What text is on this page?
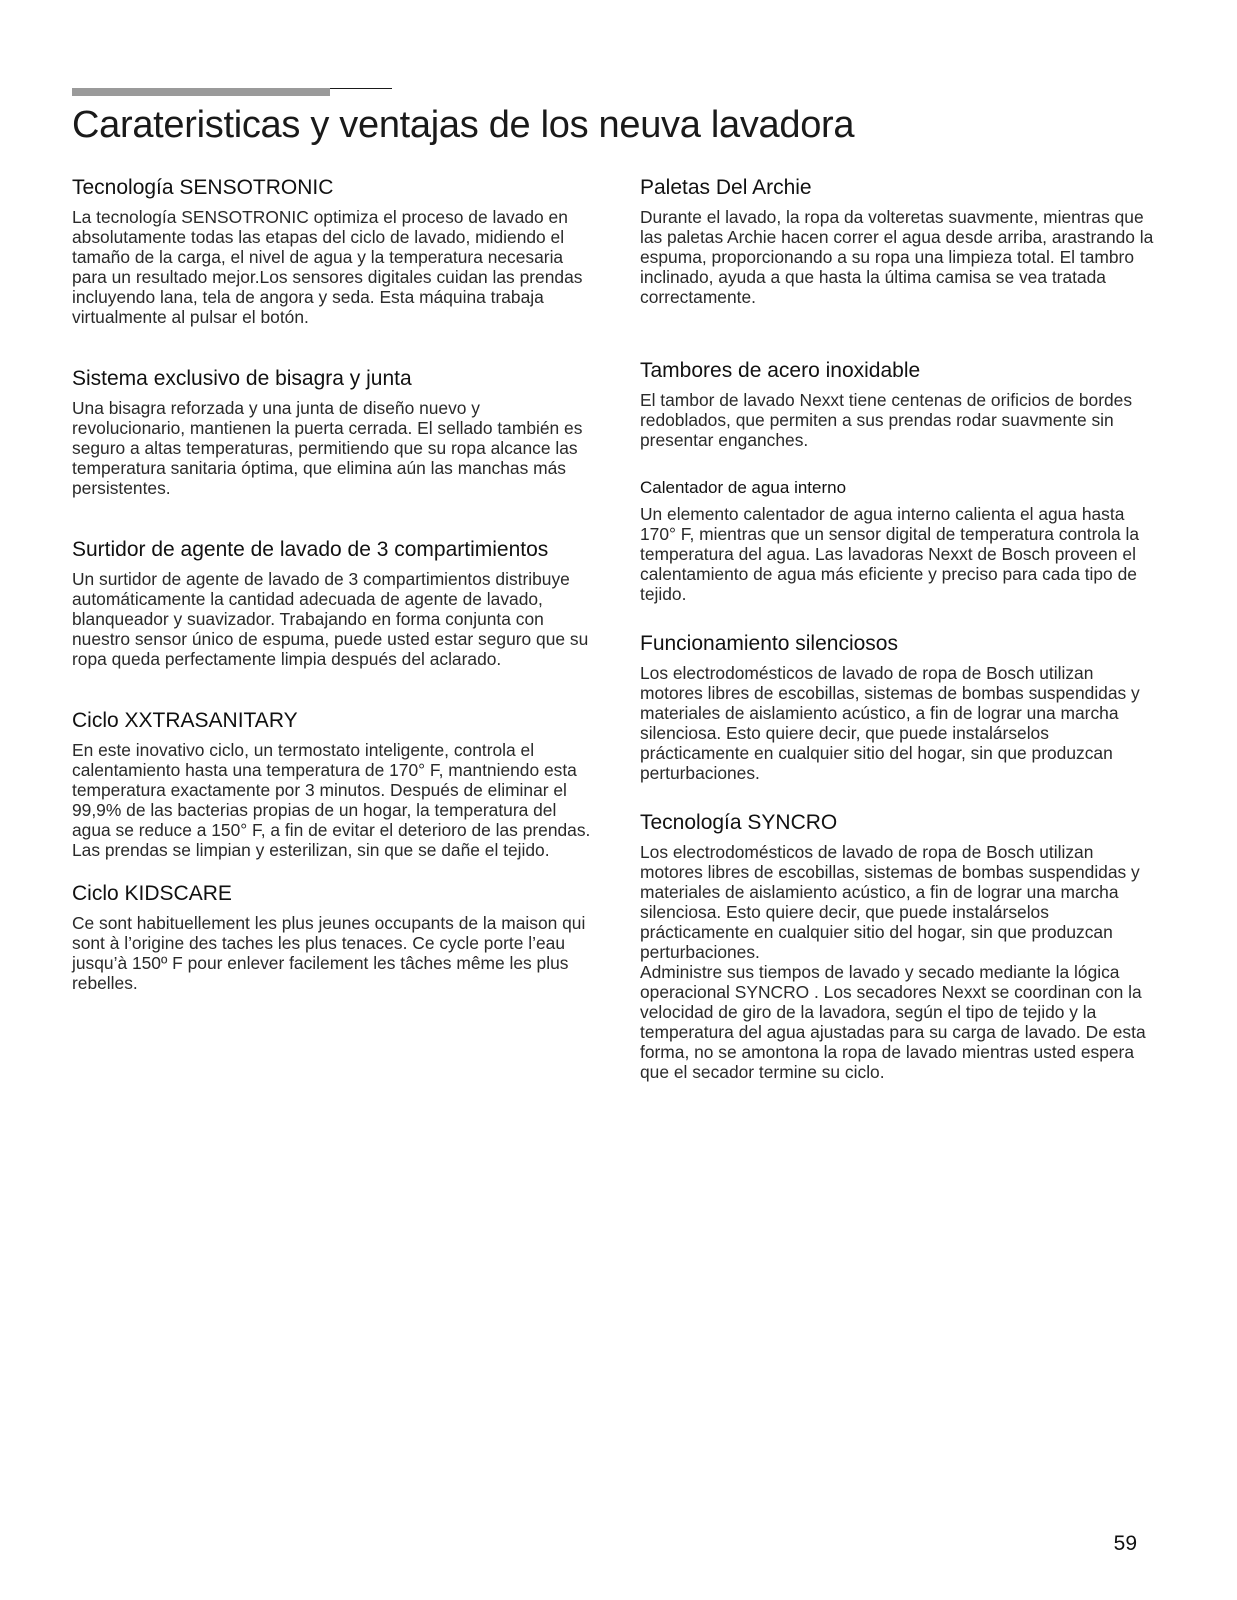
Carateristicas y ventajas de los neuva lavadora
Tecnología SENSOTRONIC

La tecnología SENSOTRONIC optimiza el proceso de lavado en absolutamente todas las etapas del ciclo de lavado, midiendo el tamaño de la carga, el nivel de agua y la temperatura necesaria para un resultado mejor.Los sensores digitales cuidan las prendas incluyendo lana, tela de angora y seda. Esta máquina trabaja virtualmente al pulsar el botón.

Sistema exclusivo de bisagra y junta

Una bisagra reforzada y una junta de diseño nuevo y revolucionario, mantienen la puerta cerrada. El sellado también es seguro a altas temperaturas, permitiendo que su ropa alcance las temperatura sanitaria óptima, que elimina aún las manchas más persistentes.

Surtidor de agente de lavado de 3 compartimientos

Un surtidor de agente de lavado de 3 compartimientos distribuye automáticamente la cantidad adecuada de agente de lavado, blanqueador y suavizador. Trabajando en forma conjunta con nuestro sensor único de espuma, puede usted estar seguro que su ropa queda perfectamente limpia después del aclarado.

Ciclo XXTRASANITARY

En este inovativo ciclo, un termostato inteligente, controla el calentamiento hasta una temperatura de 170° F, mantniendo esta temperatura exactamente por 3 minutos. Después de eliminar el 99,9% de las bacterias propias de un hogar, la temperatura del agua se reduce a 150° F, a fin de evitar el deterioro de las prendas. Las prendas se limpian y esterilizan, sin que se dañe el tejido.

Ciclo KIDSCARE

Ce sont habituellement les plus jeunes occupants de la maison qui sont à l’origine des taches les plus tenaces. Ce cycle porte l’eau jusqu’à 150º F pour enlever facilement les tâches même les plus rebelles.

Paletas Del Archie

Durante el lavado, la ropa da volteretas suavmente, mientras que las paletas Archie hacen correr el agua desde arriba, arastrando la espuma, proporcionando a su ropa una limpieza total. El tambro inclinado, ayuda a que hasta la última camisa se vea tratada correctamente.

Tambores de acero inoxidable

El tambor de lavado Nexxt tiene centenas de orificios de bordes redoblados, que permiten a sus prendas rodar suavmente sin presentar enganches.

Calentador de agua interno

Un elemento calentador de agua interno calienta el agua hasta 170° F, mientras que un sensor digital de temperatura controla la temperatura del agua. Las lavadoras Nexxt de Bosch proveen el calentamiento de agua más eficiente y preciso para cada tipo de tejido.

Funcionamiento silenciosos

Los electrodomésticos de lavado de ropa de Bosch utilizan motores libres de escobillas, sistemas de bombas suspendidas y materiales de aislamiento acústico, a fin de lograr una marcha silenciosa. Esto quiere decir, que puede instalárselos prácticamente en cualquier sitio del hogar, sin que produzcan perturbaciones.

Tecnología SYNCRO

Los electrodomésticos de lavado de ropa de Bosch utilizan motores libres de escobillas, sistemas de bombas suspendidas y materiales de aislamiento acústico, a fin de lograr una marcha silenciosa. Esto quiere decir, que puede instalárselos prácticamente en cualquier sitio del hogar, sin que produzcan perturbaciones.

Administre sus tiempos de lavado y secado mediante la lógica operacional SYNCRO . Los secadores Nexxt se coordinan con la velocidad de giro de la lavadora, según el tipo de tejido y la temperatura del agua ajustadas para su carga de lavado. De esta forma, no se amontona la ropa de lavado mientras usted espera que el secador termine su ciclo.

59
